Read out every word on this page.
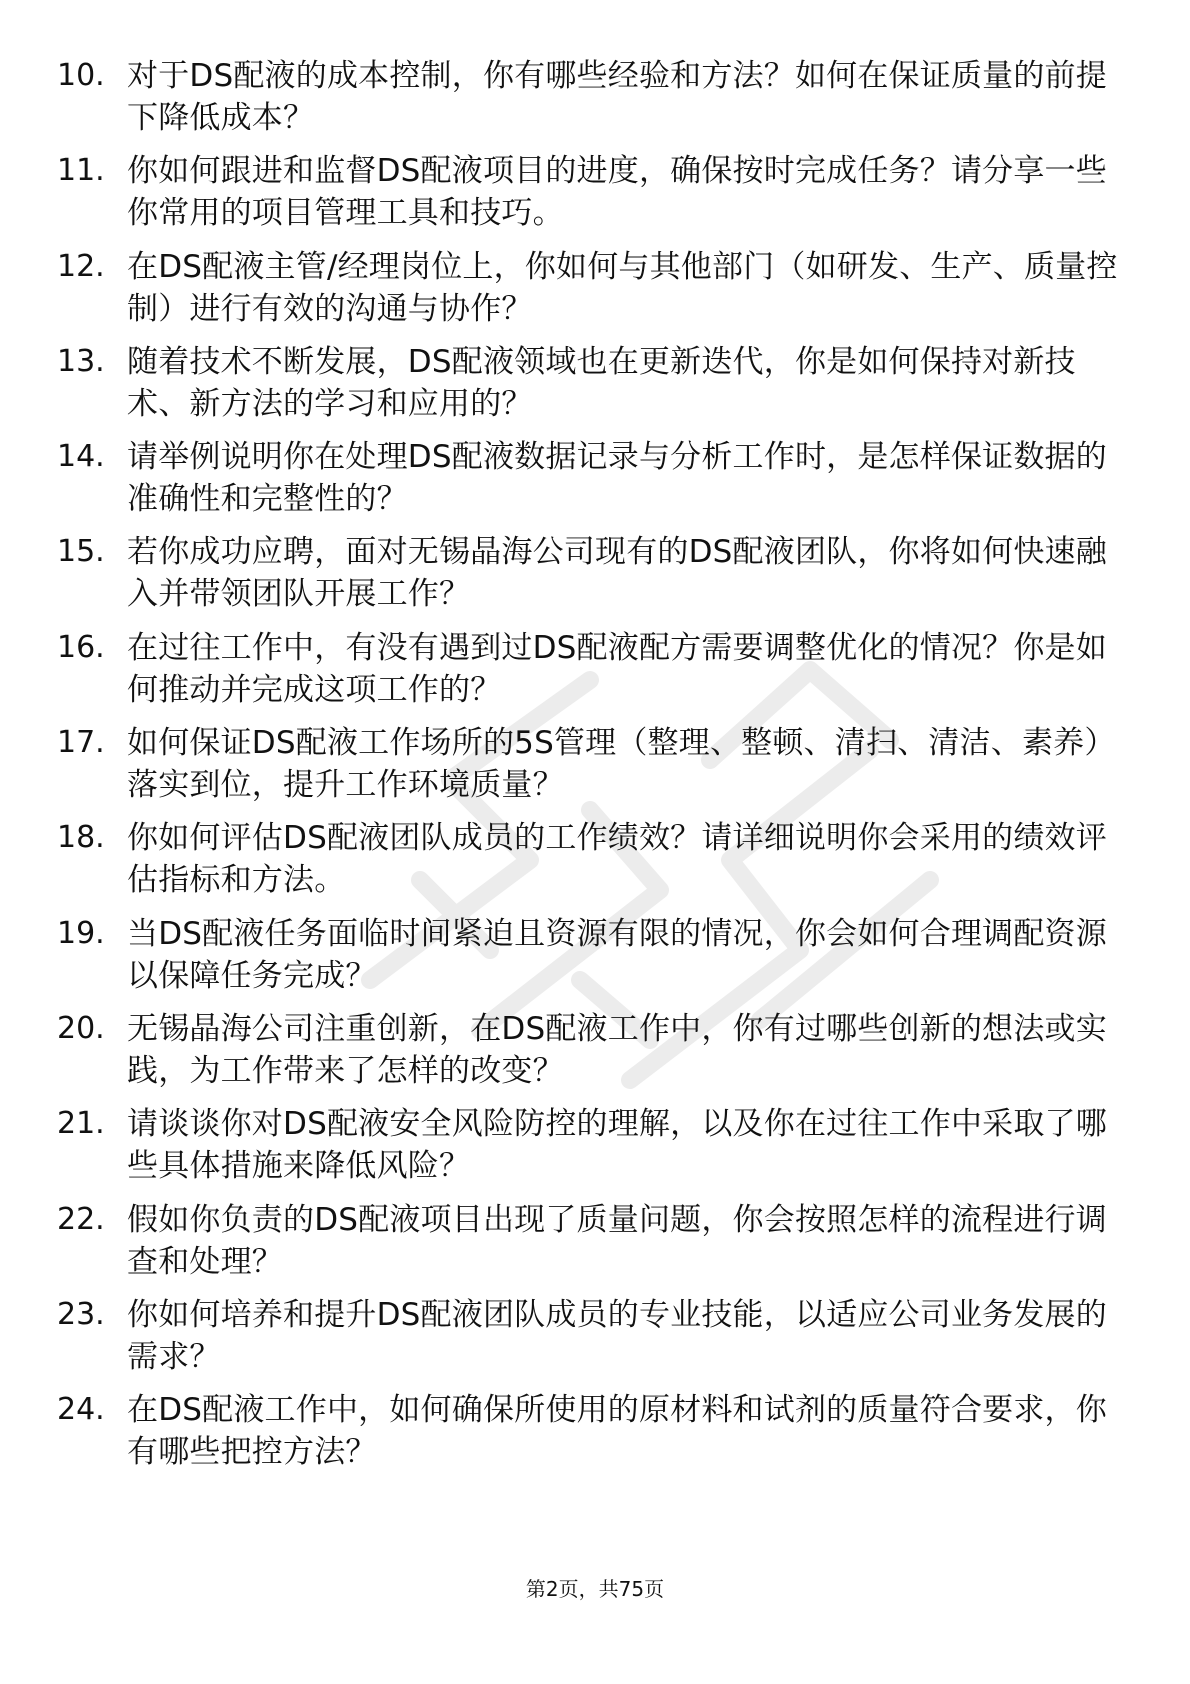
10. 对于DS配液的成本控制，你有哪些经验和方法？如何在保证质量的前提下降低成本？
11. 你如何跟进和监督DS配液项目的进度，确保按时完成任务？请分享一些你常用的项目管理工具和技巧。
12. 在DS配液主管/经理岗位上，你如何与其他部门（如研发、生产、质量控制）进行有效的沟通与协作？
13. 随着技术不断发展，DS配液领域也在更新迭代，你是如何保持对新技术、新方法的学习和应用的？
14. 请举例说明你在处理DS配液数据记录与分析工作时，是怎样保证数据的准确性和完整性的？
15. 若你成功应聘，面对无锡晶海公司现有的DS配液团队，你将如何快速融入并带领团队开展工作？
16. 在过往工作中，有没有遇到过DS配液配方需要调整优化的情况？你是如何推动并完成这项工作的？
17. 如何保证DS配液工作场所的5S管理（整理、整顿、清扫、清洁、素养）落实到位，提升工作环境质量？
18. 你如何评估DS配液团队成员的工作绩效？请详细说明你会采用的绩效评估指标和方法。
19. 当DS配液任务面临时间紧迫且资源有限的情况，你会如何合理调配资源以保障任务完成？
20. 无锡晶海公司注重创新，在DS配液工作中，你有过哪些创新的想法或实践，为工作带来了怎样的改变？
21. 请谈谈你对DS配液安全风险防控的理解，以及你在过往工作中采取了哪些具体措施来降低风险？
22. 假如你负责的DS配液项目出现了质量问题，你会按照怎样的流程进行调查和处理？
23. 你如何培养和提升DS配液团队成员的专业技能，以适应公司业务发展的需求？
24. 在DS配液工作中，如何确保所使用的原材料和试剂的质量符合要求，你有哪些把控方法？
第2页，共75页
